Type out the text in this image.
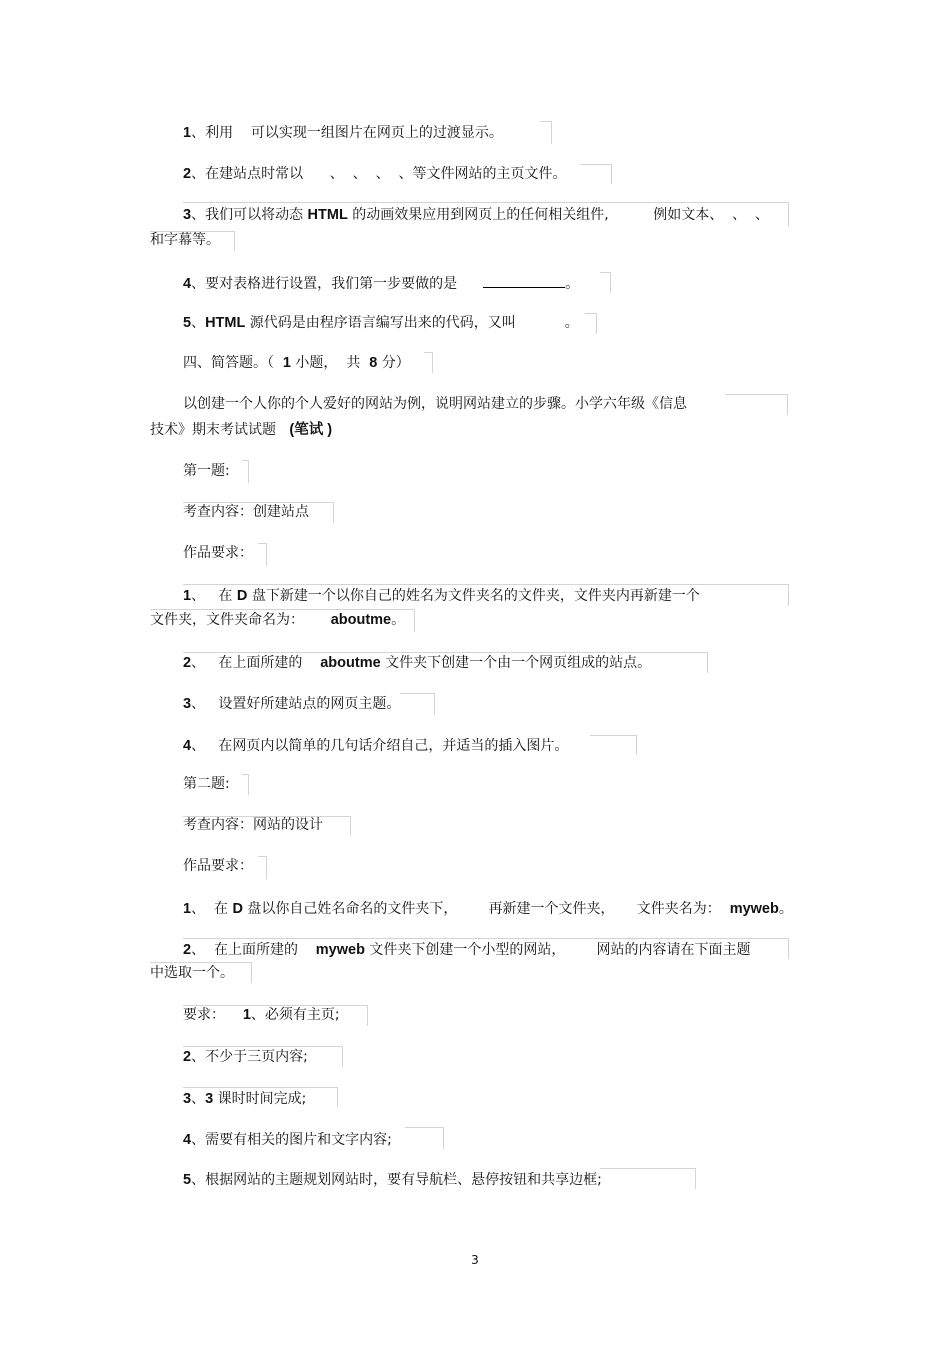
1、利用    可以实现一组图片在网页上的过渡显示。
2、在建站点时常以      、  、  、  、等文件网站的主页文件。
3、我们可以将动态 HTML 的动画效果应用到网页上的任何相关组件,          例如文本、  、  、
和字幕等。
4、要对表格进行设置，我们第一步要做的是	。
5、HTML 源代码是由程序语言编写出来的代码，又叫           。
四、简答题。（  1 小题，  共  8 分）
以创建一个人你的个人爱好的网站为例，说明网站建立的步骤。小学六年级《信息
技术》期末考试试题   (笔试 )
第一题:
考查内容：创建站点
作品要求：
1、   在 D 盘下新建一个以你自己的姓名为文件夹名的文件夹，文件夹内再新建一个
文件夹，文件夹命名为：      aboutme。
2、   在上面所建的    aboutme 文件夹下创建一个由一个网页组成的站点。
3、   设置好所建站点的网页主题。
4、   在网页内以简单的几句话介绍自己，并适当的插入图片。
第二题:
考查内容：网站的设计
作品要求：
1、  在 D 盘以你自己姓名命名的文件夹下，       再新建一个文件夹，     文件夹名为：  myweb。
2、  在上面所建的    myweb 文件夹下创建一个小型的网站，       网站的内容请在下面主题
中选取一个。
要求：    1、必须有主页;
2、不少于三页内容;
3、3 课时时间完成;
4、需要有相关的图片和文字内容;
5、根据网站的主题规划网站时，要有导航栏、悬停按钮和共享边框;
3
